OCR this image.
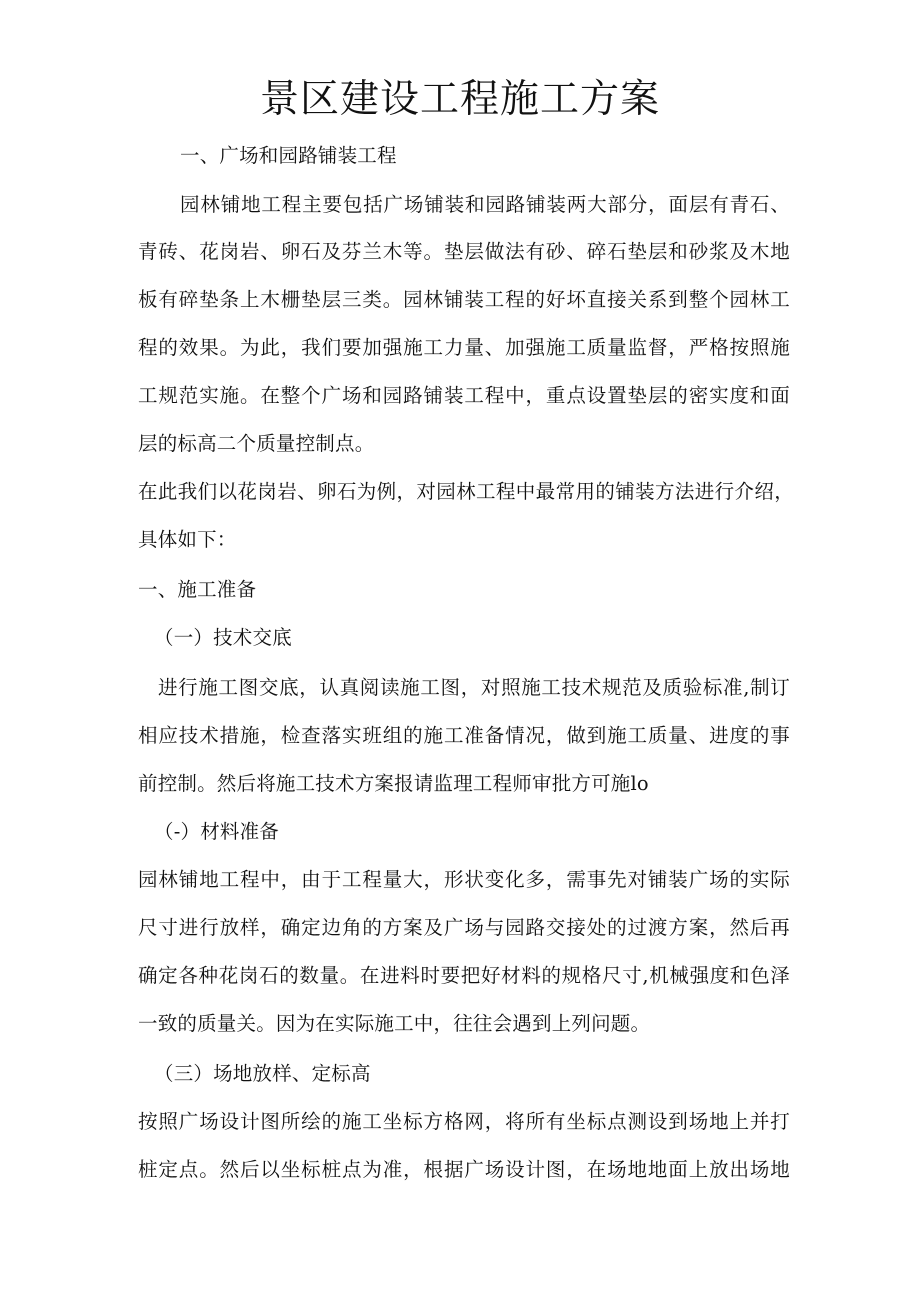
景区建设工程施工方案
一、广场和园路铺装工程
园林铺地工程主要包括广场铺装和园路铺装两大部分，面层有青石、
青砖、花岗岩、卵石及芬兰木等。垫层做法有砂、碎石垫层和砂浆及木地
板有碎垫条上木栅垫层三类。园林铺装工程的好坏直接关系到整个园林工
程的效果。为此，我们要加强施工力量、加强施工质量监督，严格按照施
工规范实施。在整个广场和园路铺装工程中，重点设置垫层的密实度和面
层的标高二个质量控制点。
在此我们以花岗岩、卵石为例，对园林工程中最常用的铺装方法进行介绍，
具体如下：
一、施工准备
（一）技术交底
进行施工图交底，认真阅读施工图，对照施工技术规范及质验标准,制订
相应技术措施，检查落实班组的施工准备情况，做到施工质量、进度的事
前控制。然后将施工技术方案报请监理工程师审批方可施lo
（-）材料准备
园林铺地工程中，由于工程量大，形状变化多，需事先对铺装广场的实际
尺寸进行放样，确定边角的方案及广场与园路交接处的过渡方案，然后再
确定各种花岗石的数量。在进料时要把好材料的规格尺寸,机械强度和色泽
一致的质量关。因为在实际施工中，往往会遇到上列问题。
（三）场地放样、定标高
按照广场设计图所绘的施工坐标方格网，将所有坐标点测设到场地上并打
桩定点。然后以坐标桩点为准，根据广场设计图，在场地地面上放出场地
